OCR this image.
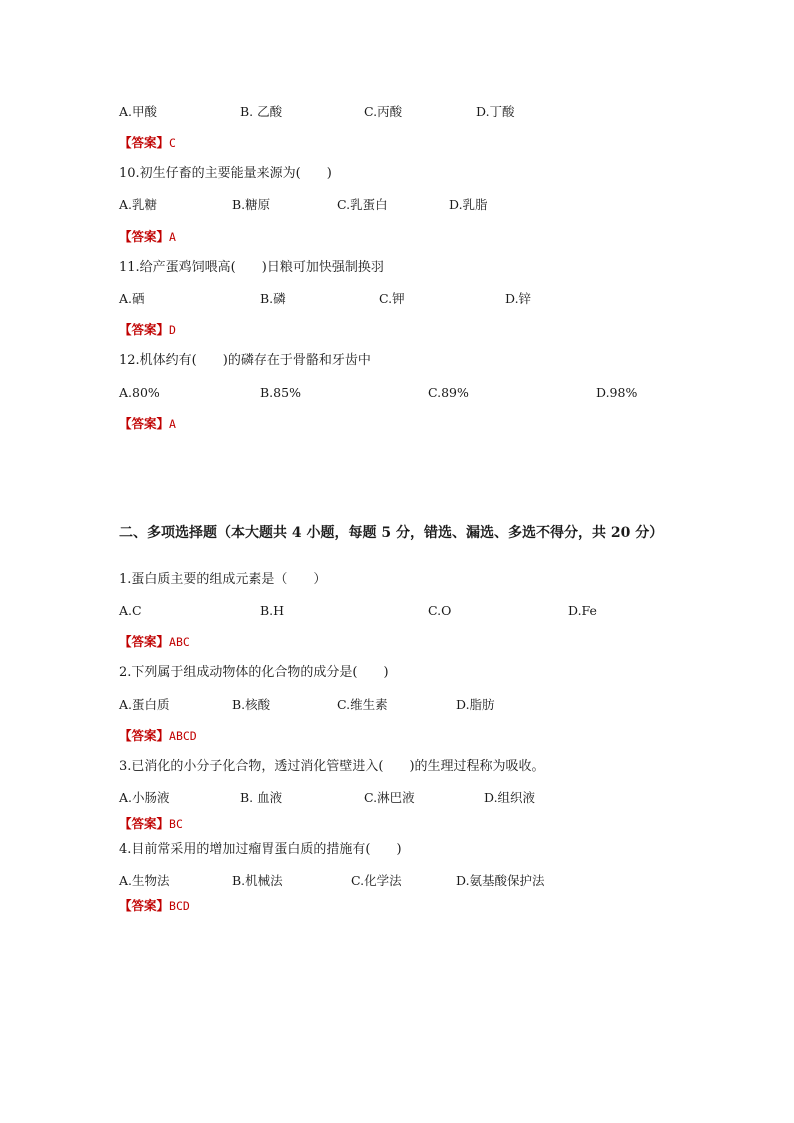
A.甲酸	B. 乙酸	C.丙酸	D.丁酸
【答案】C
10.初生仔畜的主要能量来源为(　　)
A.乳糖	B.糖原	C.乳蛋白	D.乳脂
【答案】A
11.给产蛋鸡饲喂高(　　)日粮可加快强制换羽
A.硒	B.磷	C.钾	D.锌
【答案】D
12.机体约有(　　)的磷存在于骨骼和牙齿中
A.80%	B.85%	C.89%	D.98%
【答案】A
二、多项选择题（本大题共 4 小题，每题 5 分，错选、漏选、多选不得分，共 20 分）
1.蛋白质主要的组成元素是（　　）
A.C	B.H	C.O	D.Fe
【答案】ABC
2.下列属于组成动物体的化合物的成分是(　　)
A.蛋白质	B.核酸	C.维生素	D.脂肪
【答案】ABCD
3.已消化的小分子化合物，透过消化管壁进入(　　)的生理过程称为吸收。
A.小肠液	B. 血液	C.淋巴液	D.组织液
【答案】BC
4.目前常采用的增加过瘤胃蛋白质的措施有(　　)
A.生物法	B.机械法	C.化学法	D.氨基酸保护法
【答案】BCD
